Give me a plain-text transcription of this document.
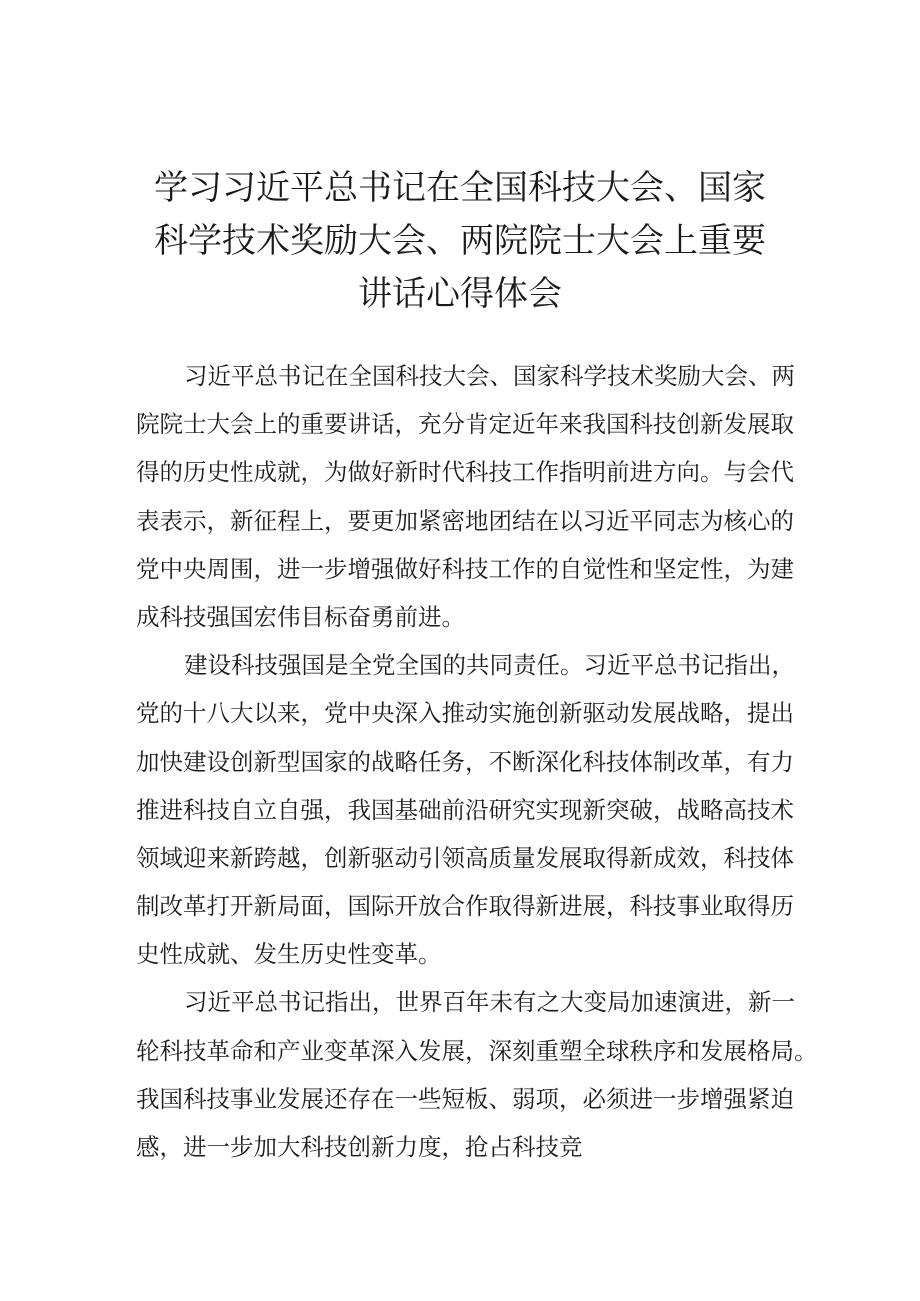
学习习近平总书记在全国科技大会、国家
科学技术奖励大会、两院院士大会上重要
讲话心得体会
习近平总书记在全国科技大会、国家科学技术奖励大会、两
院院士大会上的重要讲话，充分肯定近年来我国科技创新发展取
得的历史性成就，为做好新时代科技工作指明前进方向。与会代
表表示，新征程上，要更加紧密地团结在以习近平同志为核心的
党中央周围，进一步增强做好科技工作的自觉性和坚定性，为建
成科技强国宏伟目标奋勇前进。
建设科技强国是全党全国的共同责任。习近平总书记指出，
党的十八大以来，党中央深入推动实施创新驱动发展战略，提出
加快建设创新型国家的战略任务，不断深化科技体制改革，有力
推进科技自立自强，我国基础前沿研究实现新突破，战略高技术
领域迎来新跨越，创新驱动引领高质量发展取得新成效，科技体
制改革打开新局面，国际开放合作取得新进展，科技事业取得历
史性成就、发生历史性变革。
习近平总书记指出，世界百年未有之大变局加速演进，新一
轮科技革命和产业变革深入发展，深刻重塑全球秩序和发展格局。
我国科技事业发展还存在一些短板、弱项，必须进一步增强紧迫
感，进一步加大科技创新力度，抢占科技竞
